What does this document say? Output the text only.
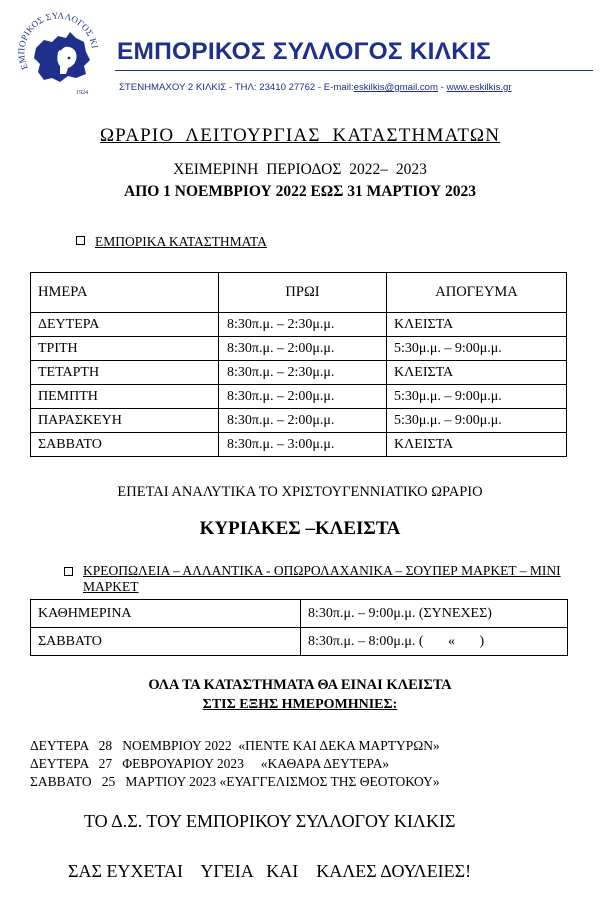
ΕΜΠΟΡΙΚΟΣ ΣΥΛΛΟΓΟΣ ΚΙ
1924
ΕΜΠΟΡΙΚΟΣ ΣΥΛΛΟΓΟΣ ΚΙΛΚΙΣ
ΣΤΕΝΗΜΑΧΟΥ 2 ΚΙΛΚΙΣ - ΤΗΛ: 23410 27762 - E-mail:eskilkis@gmail.com - www.eskilkis.gr
ΩΡΑΡΙΟ ΛΕΙΤΟΥΡΓΙΑΣ ΚΑΤΑΣΤΗΜΑΤΩΝ
ΧΕΙΜΕΡΙΝΗ ΠΕΡΙΟΔΟΣ 2022– 2023
ΑΠΟ 1 ΝΟΕΜΒΡΙΟΥ 2022 ΕΩΣ 31 ΜΑΡΤΙΟΥ 2023
ΕΜΠΟΡΙΚΑ ΚΑΤΑΣΤΗΜΑΤΑ
ΗΜΕΡΑ	ΠΡΩΙ	ΑΠΟΓΕΥΜΑ
ΔΕΥΤΕΡΑ	8:30π.μ. – 2:30μ.μ.	ΚΛΕΙΣΤΑ
ΤΡΙΤΗ	8:30π.μ. – 2:00μ.μ.	5:30μ.μ. – 9:00μ.μ.
ΤΕΤΑΡΤΗ	8:30π.μ. – 2:30μ.μ.	ΚΛΕΙΣΤΑ
ΠΕΜΠΤΗ	8:30π.μ. – 2:00μ.μ.	5:30μ.μ. – 9:00μ.μ.
ΠΑΡΑΣΚΕΥΗ	8:30π.μ. – 2:00μ.μ.	5:30μ.μ. – 9:00μ.μ.
ΣΑΒΒΑΤΟ	8:30π.μ. – 3:00μ.μ.	ΚΛΕΙΣΤΑ
ΕΠΕΤΑΙ ΑΝΑΛΥΤΙΚΑ ΤΟ ΧΡΙΣΤΟΥΓΕΝΝΙΑΤΙΚΟ ΩΡΑΡΙΟ
ΚΥΡΙΑΚΕΣ –ΚΛΕΙΣΤΑ
ΚΡΕΟΠΩΛΕΙΑ – ΑΛΛΑΝΤΙΚΑ - ΟΠΩΡΟΛΑΧΑΝΙΚΑ – ΣΟΥΠΕΡ ΜΑΡΚΕΤ – ΜΙΝΙ ΜΑΡΚΕΤ
ΚΑΘΗΜΕΡΙΝΑ	8:30π.μ. – 9:00μ.μ. (ΣΥΝΕΧΕΣ)
ΣΑΒΒΑΤΟ	8:30π.μ. – 8:00μ.μ. (       «       )
ΟΛΑ ΤΑ ΚΑΤΑΣΤΗΜΑΤΑ ΘΑ ΕΙΝΑΙ ΚΛΕΙΣΤΑ
ΣΤΙΣ ΕΞΗΣ ΗΜΕΡΟΜΗΝΙΕΣ:
ΔΕΥΤΕΡΑ   28   ΝΟΕΜΒΡΙΟΥ 2022  «ΠΕΝΤΕ ΚΑΙ ΔΕΚΑ ΜΑΡΤΥΡΩΝ»
ΔΕΥΤΕΡΑ   27   ΦΕΒΡΟΥΑΡΙΟΥ 2023     «ΚΑΘΑΡΑ ΔΕΥΤΕΡΑ»
ΣΑΒΒΑΤΟ   25   ΜΑΡΤΙΟΥ 2023 «ΕΥΑΓΓΕΛΙΣΜΟΣ ΤΗΣ ΘΕΟΤΟΚΟΥ»
ΤΟ Δ.Σ. ΤΟΥ ΕΜΠΟΡΙΚΟΥ ΣΥΛΛΟΓΟΥ ΚΙΛΚΙΣ
ΣΑΣ ΕΥΧΕΤΑΙ    ΥΓΕΙΑ   ΚΑΙ    ΚΑΛΕΣ ΔΟΥΛΕΙΕΣ!
